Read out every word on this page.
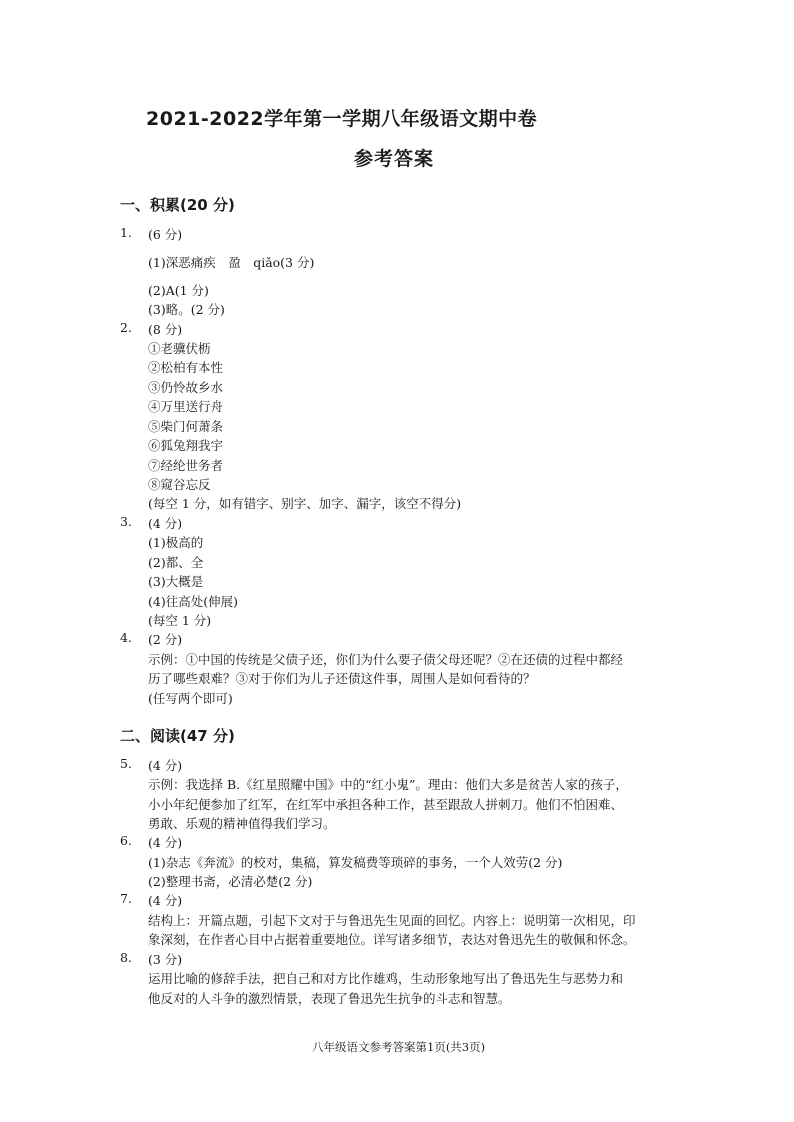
2021-2022学年第一学期八年级语文期中卷
参考答案
一、积累(20 分)
1. (6 分)
(1)深恶痛疾　盈　qiǎo(3 分)
(2)A(1 分)
(3)略。(2 分)
2. (8 分)
①老骥伏枥
②松柏有本性
③仍怜故乡水
④万里送行舟
⑤柴门何萧条
⑥狐兔翔我宇
⑦经纶世务者
⑧窥谷忘反
(每空 1 分，如有错字、别字、加字、漏字，该空不得分)
3. (4 分)
(1)极高的
(2)都、全
(3)大概是
(4)往高处(伸展)
(每空 1 分)
4. (2 分)
示例：①中国的传统是父债子还，你们为什么要子债父母还呢？②在还债的过程中都经
历了哪些艰难？③对于你们为儿子还债这件事，周围人是如何看待的？
(任写两个即可)
二、阅读(47 分)
5. (4 分)
示例：我选择 B.《红星照耀中国》中的“红小鬼”。理由：他们大多是贫苦人家的孩子，
小小年纪便参加了红军，在红军中承担各种工作，甚至跟敌人拼刺刀。他们不怕困难、
勇敢、乐观的精神值得我们学习。
6. (4 分)
(1)杂志《奔流》的校对，集稿，算发稿费等琐碎的事务，一个人效劳(2 分)
(2)整理书斋，必清必楚(2 分)
7. (4 分)
结构上：开篇点题，引起下文对于与鲁迅先生见面的回忆。内容上：说明第一次相见，印
象深刻，在作者心目中占据着重要地位。详写诸多细节，表达对鲁迅先生的敬佩和怀念。
8. (3 分)
运用比喻的修辞手法，把自己和对方比作雄鸡，生动形象地写出了鲁迅先生与恶势力和
他反对的人斗争的激烈情景，表现了鲁迅先生抗争的斗志和智慧。
八年级语文参考答案第1页(共3页)
